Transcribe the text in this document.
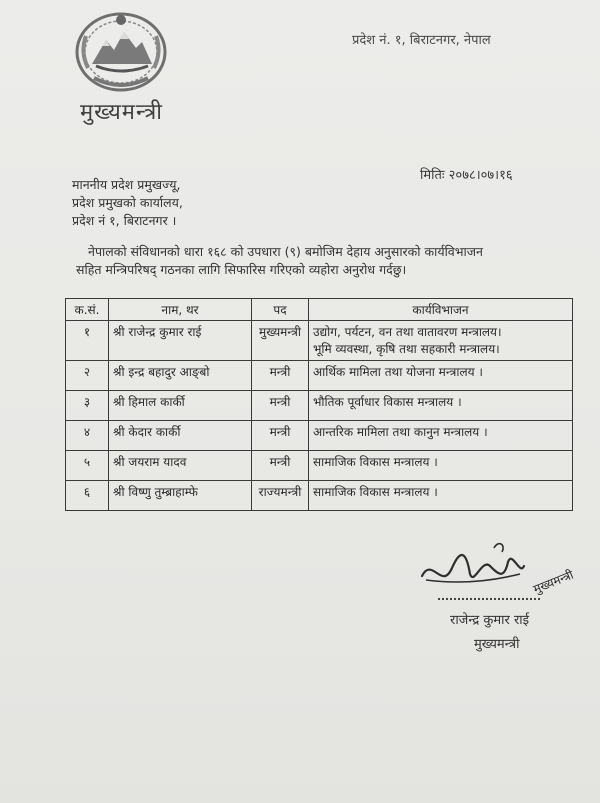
मुख्यमन्त्री
प्रदेश नं. १, बिराटनगर, नेपाल
मितिः २०७८।०७।१६
माननीय प्रदेश प्रमुखज्यू,
प्रदेश प्रमुखको कार्यालय,
प्रदेश नं १, बिराटनगर ।
नेपालको संविधानको धारा १६८ को उपधारा (९) बमोजिम देहाय अनुसारको कार्यविभाजन
सहित मन्त्रिपरिषद् गठनका लागि सिफारिस गरिएको व्यहोरा अनुरोध गर्दछु।
क.सं.	नाम, थर	पद	कार्यविभाजन
१	श्री राजेन्द्र कुमार राई	मुख्यमन्त्री	उद्योग, पर्यटन, वन तथा वातावरण मन्त्रालय।
भूमि व्यवस्था, कृषि तथा सहकारी मन्त्रालय।

२	श्री इन्द्र बहादुर आङ्बो	मन्त्री	आर्थिक मामिला तथा योजना मन्त्रालय ।

३	श्री हिमाल कार्की	मन्त्री	भौतिक पूर्वाधार विकास मन्त्रालय ।

४	श्री केदार कार्की	मन्त्री	आन्तरिक मामिला तथा कानुन मन्त्रालय ।

५	श्री जयराम यादव	मन्त्री	सामाजिक विकास मन्त्रालय ।

६	श्री विष्णु तुम्ब्राहाम्फे	राज्यमन्त्री	सामाजिक विकास मन्त्रालय ।
मुख्यमन्त्री
राजेन्द्र कुमार राई
मुख्यमन्त्री
